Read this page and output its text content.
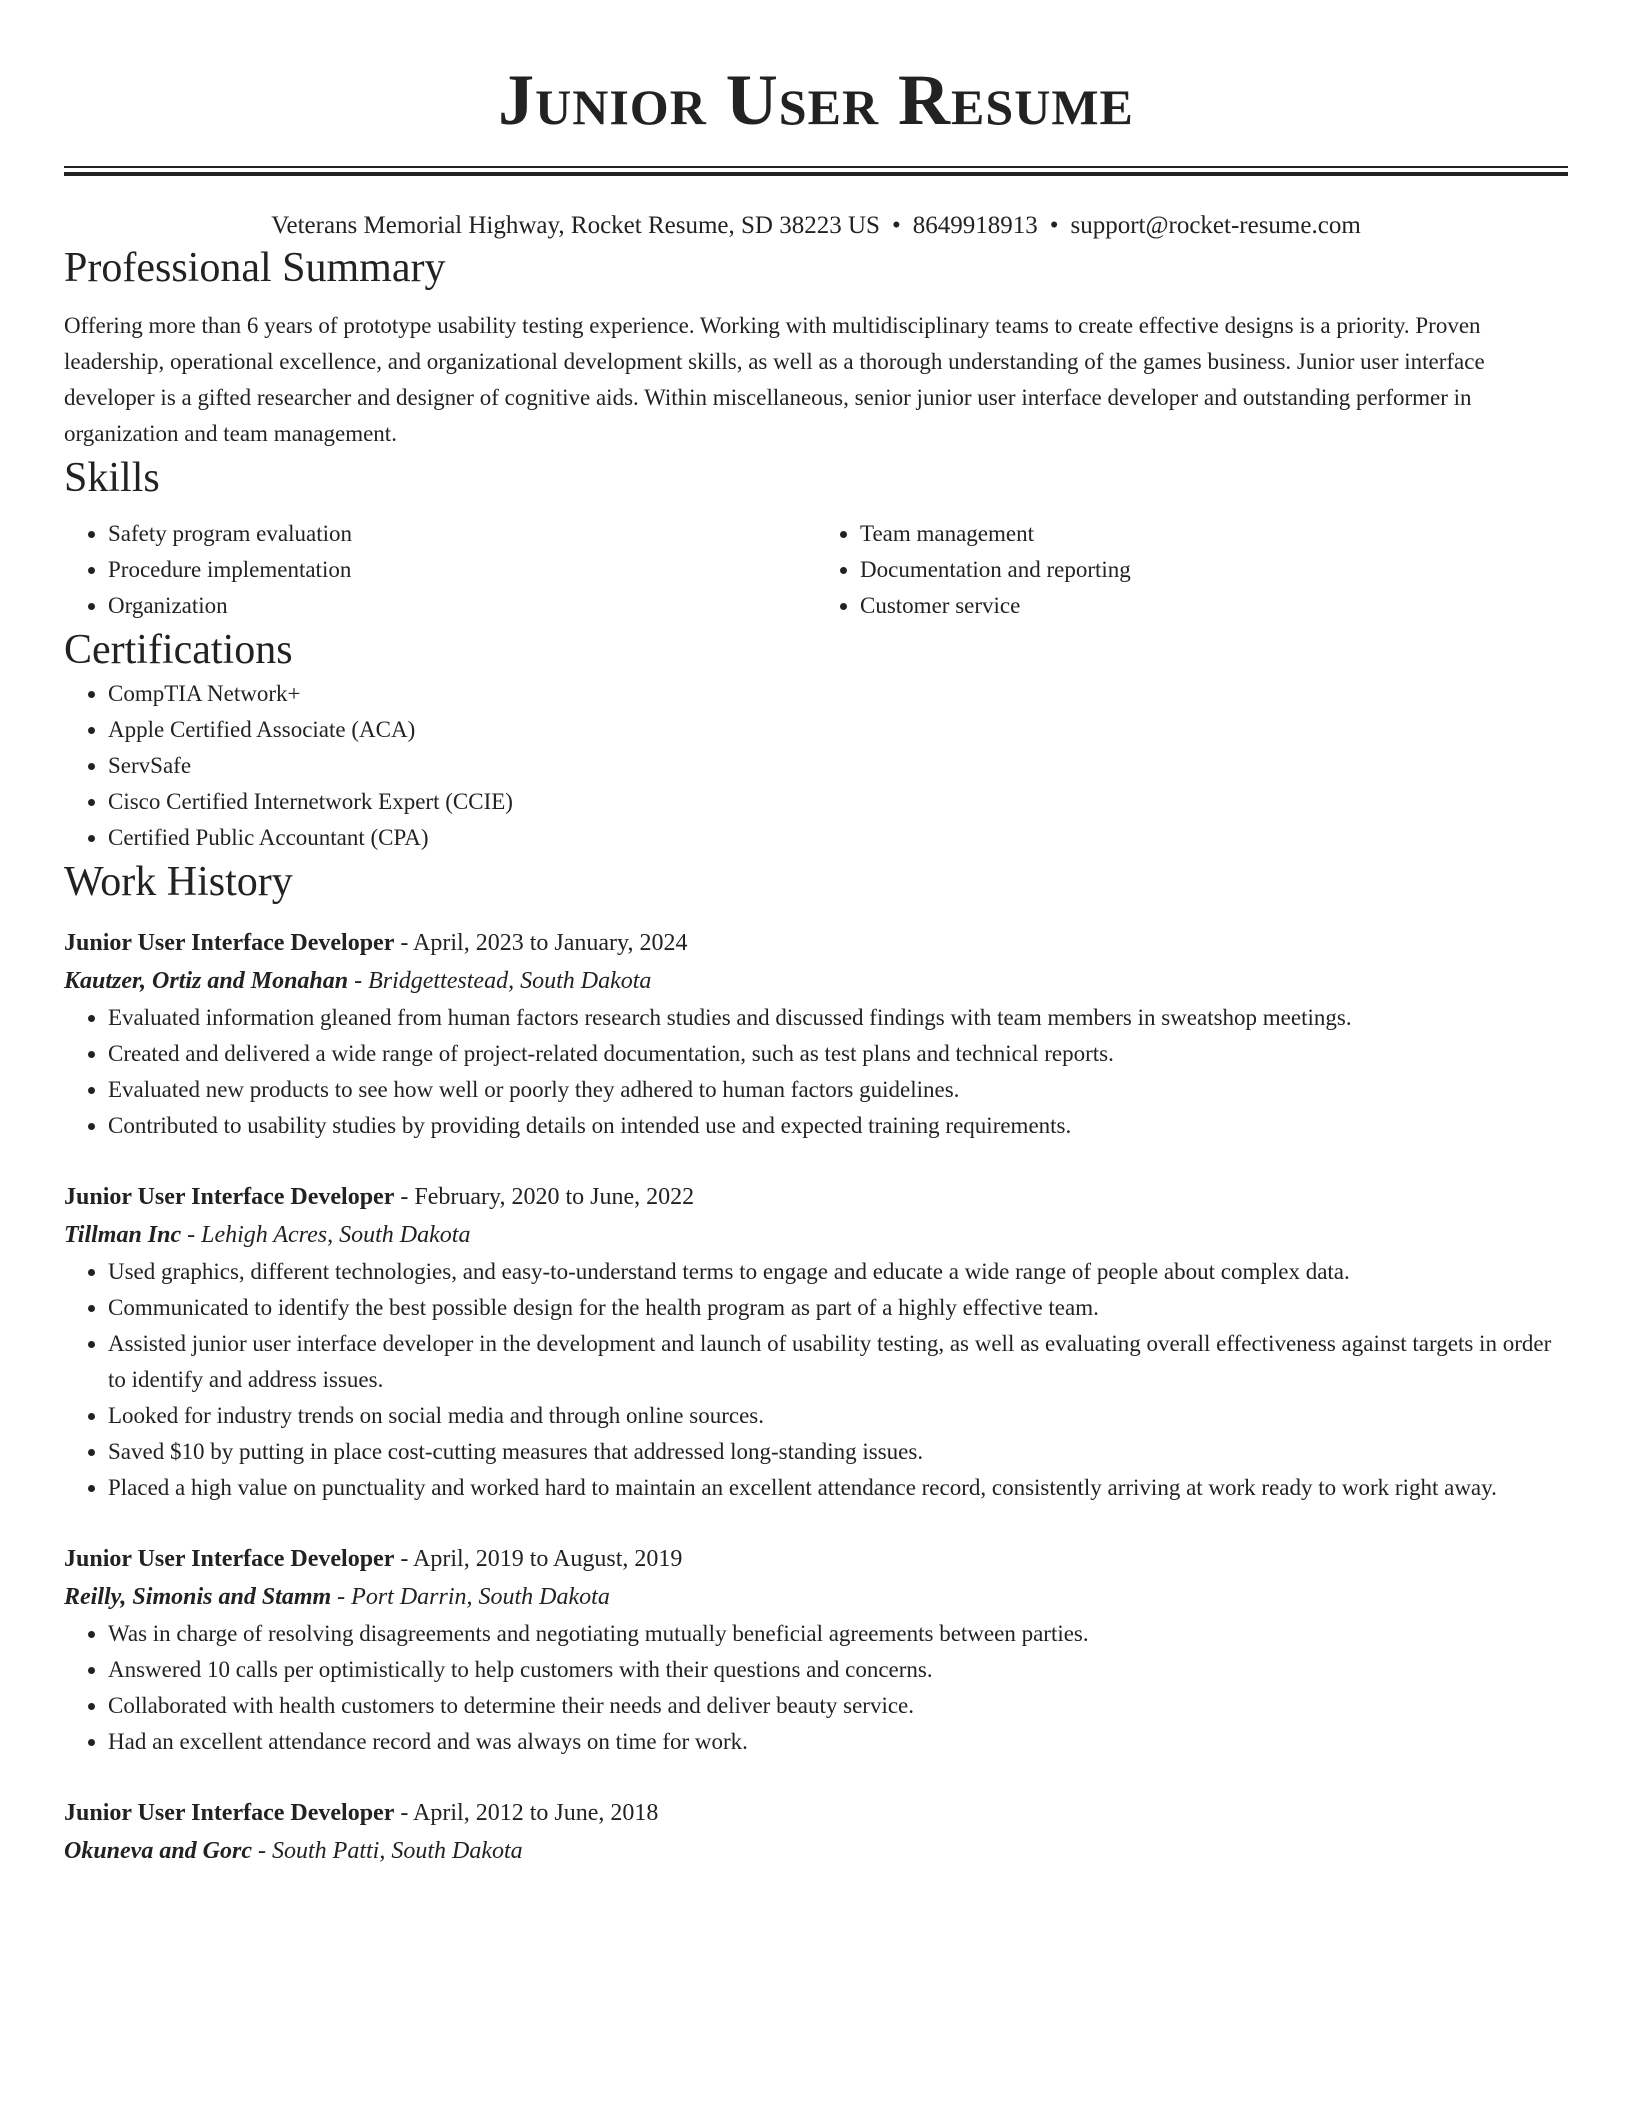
Junior User Resume
Veterans Memorial Highway, Rocket Resume, SD 38223 US • 8649918913 • support@rocket-resume.com
Professional Summary

Offering more than 6 years of prototype usability testing experience. Working with multidisciplinary teams to create effective designs is a priority. Proven leadership, operational excellence, and organizational development skills, as well as a thorough understanding of the games business. Junior user interface developer is a gifted researcher and designer of cognitive aids. Within miscellaneous, senior junior user interface developer and outstanding performer in organization and team management.

Skills
• Safety program evaluation
• Procedure implementation
• Organization
• Team management
• Documentation and reporting
• Customer service
Certifications
• CompTIA Network+
• Apple Certified Associate (ACA)
• ServSafe
• Cisco Certified Internetwork Expert (CCIE)
• Certified Public Accountant (CPA)
Work History
Junior User Interface Developer - April, 2023 to January, 2024
Kautzer, Ortiz and Monahan - Bridgettestead, South Dakota
• Evaluated information gleaned from human factors research studies and discussed findings with team members in sweatshop meetings.
• Created and delivered a wide range of project-related documentation, such as test plans and technical reports.
• Evaluated new products to see how well or poorly they adhered to human factors guidelines.
• Contributed to usability studies by providing details on intended use and expected training requirements.
Junior User Interface Developer - February, 2020 to June, 2022
Tillman Inc - Lehigh Acres, South Dakota
• Used graphics, different technologies, and easy-to-understand terms to engage and educate a wide range of people about complex data.
• Communicated to identify the best possible design for the health program as part of a highly effective team.
• Assisted junior user interface developer in the development and launch of usability testing, as well as evaluating overall effectiveness against targets in order to identify and address issues.
• Looked for industry trends on social media and through online sources.
• Saved $10 by putting in place cost-cutting measures that addressed long-standing issues.
• Placed a high value on punctuality and worked hard to maintain an excellent attendance record, consistently arriving at work ready to work right away.
Junior User Interface Developer - April, 2019 to August, 2019
Reilly, Simonis and Stamm - Port Darrin, South Dakota
• Was in charge of resolving disagreements and negotiating mutually beneficial agreements between parties.
• Answered 10 calls per optimistically to help customers with their questions and concerns.
• Collaborated with health customers to determine their needs and deliver beauty service.
• Had an excellent attendance record and was always on time for work.
Junior User Interface Developer - April, 2012 to June, 2018
Okuneva and Gorc - South Patti, South Dakota
